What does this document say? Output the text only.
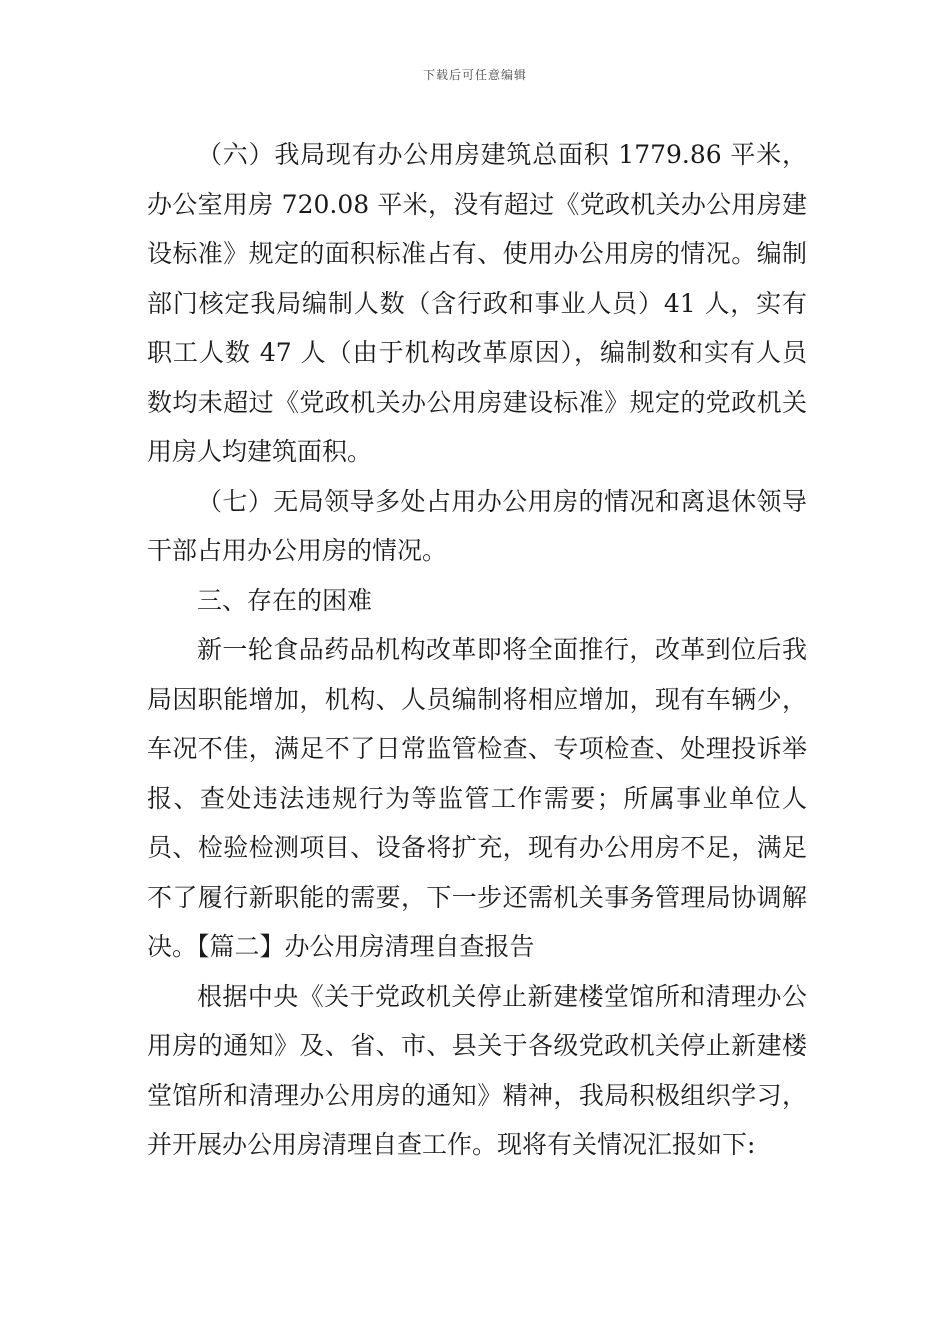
下载后可任意编辑

（六）我局现有办公用房建筑总面积 1779.86 平米，办公室用房 720.08 平米，没有超过《党政机关办公用房建设标准》规定的面积标准占有、使用办公用房的情况。编制部门核定我局编制人数（含行政和事业人员）41 人，实有职工人数 47 人（由于机构改革原因），编制数和实有人员数均未超过《党政机关办公用房建设标准》规定的党政机关用房人均建筑面积。

（七）无局领导多处占用办公用房的情况和离退休领导干部占用办公用房的情况。

三、存在的困难

新一轮食品药品机构改革即将全面推行，改革到位后我局因职能增加，机构、人员编制将相应增加，现有车辆少，车况不佳，满足不了日常监管检查、专项检查、处理投诉举报、查处违法违规行为等监管工作需要；所属事业单位人员、检验检测项目、设备将扩充，现有办公用房不足，满足不了履行新职能的需要，下一步还需机关事务管理局协调解决。【篇二】办公用房清理自查报告

根据中央《关于党政机关停止新建楼堂馆所和清理办公用房的通知》及、省、市、县关于各级党政机关停止新建楼堂馆所和清理办公用房的通知》精神，我局积极组织学习，并开展办公用房清理自查工作。现将有关情况汇报如下:
